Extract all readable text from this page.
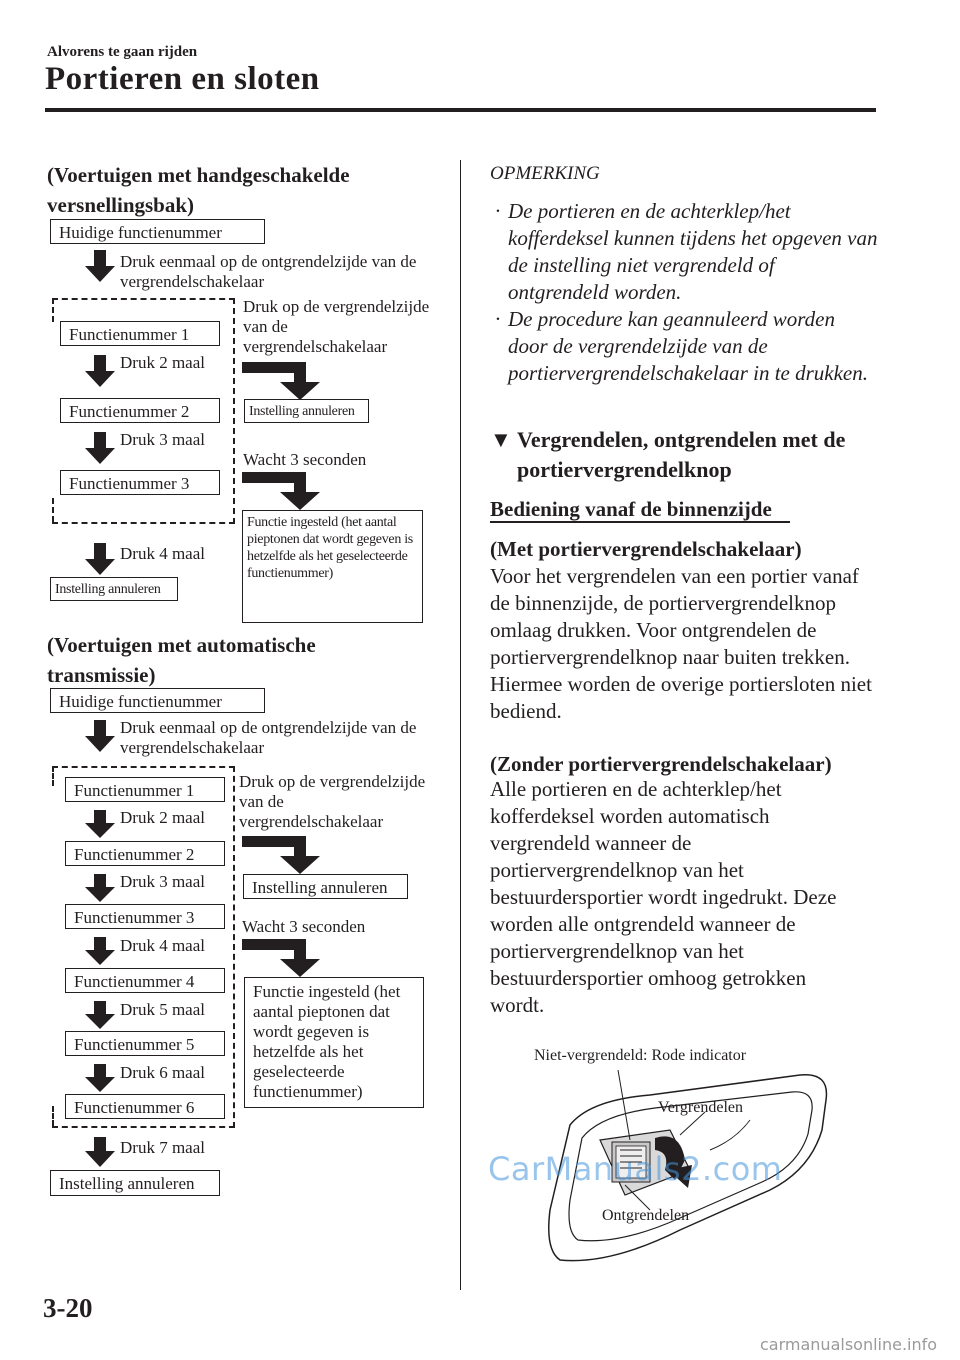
Alvorens te gaan rijden
Portieren en sloten
(Voertuigen met handgeschakelde versnellingsbak)
Huidige functienummer
Druk eenmaal op de ontgrendelzijde van de vergrendelschakelaar
Functienummer 1
Druk 2 maal
Functienummer 2
Druk 3 maal
Functienummer 3
Druk 4 maal
Instelling annuleren
Druk op de vergrendelzijde van de vergrendelschakelaar
Instelling annuleren
Wacht 3 seconden
Functie ingesteld (het aantal pieptonen dat wordt gegeven is hetzelfde als het geselecteerde functienummer)
(Voertuigen met automatische transmissie)
Huidige functienummer
Druk eenmaal op de ontgrendelzijde van de vergrendelschakelaar
Functienummer 1
Druk 2 maal
Functienummer 2
Druk 3 maal
Functienummer 3
Druk 4 maal
Functienummer 4
Druk 5 maal
Functienummer 5
Druk 6 maal
Functienummer 6
Druk 7 maal
Instelling annuleren
Druk op de vergrendelzijde van de vergrendelschakelaar
Instelling annuleren
Wacht 3 seconden
Functie ingesteld (het aantal pieptonen dat wordt gegeven is hetzelfde als het geselecteerde functienummer)
OPMERKING
· De portieren en de achterklep/het kofferdeksel kunnen tijdens het opgeven van de instelling niet vergrendeld of ontgrendeld worden.
· De procedure kan geannuleerd worden door de vergrendelzijde van de portiervergrendelschakelaar in te drukken.
▼ Vergrendelen, ontgrendelen met de portiervergrendelknop
Bediening vanaf de binnenzijde
(Met portiervergrendelschakelaar)
Voor het vergrendelen van een portier vanaf de binnenzijde, de portiervergrendelknop omlaag drukken. Voor ontgrendelen de portiervergrendelknop naar buiten trekken. Hiermee worden de overige portiersloten niet bediend.
(Zonder portiervergrendelschakelaar)
Alle portieren en de achterklep/het kofferdeksel worden automatisch vergrendeld wanneer de portiervergrendelknop van het bestuurdersportier wordt ingedrukt. Deze worden alle ontgrendeld wanneer de portiervergrendelknop van het bestuurdersportier omhoog getrokken wordt.
Niet-vergrendeld: Rode indicator
Vergrendelen
Ontgrendelen
CarManuals2.com
3-20
carmanualsonline.info
